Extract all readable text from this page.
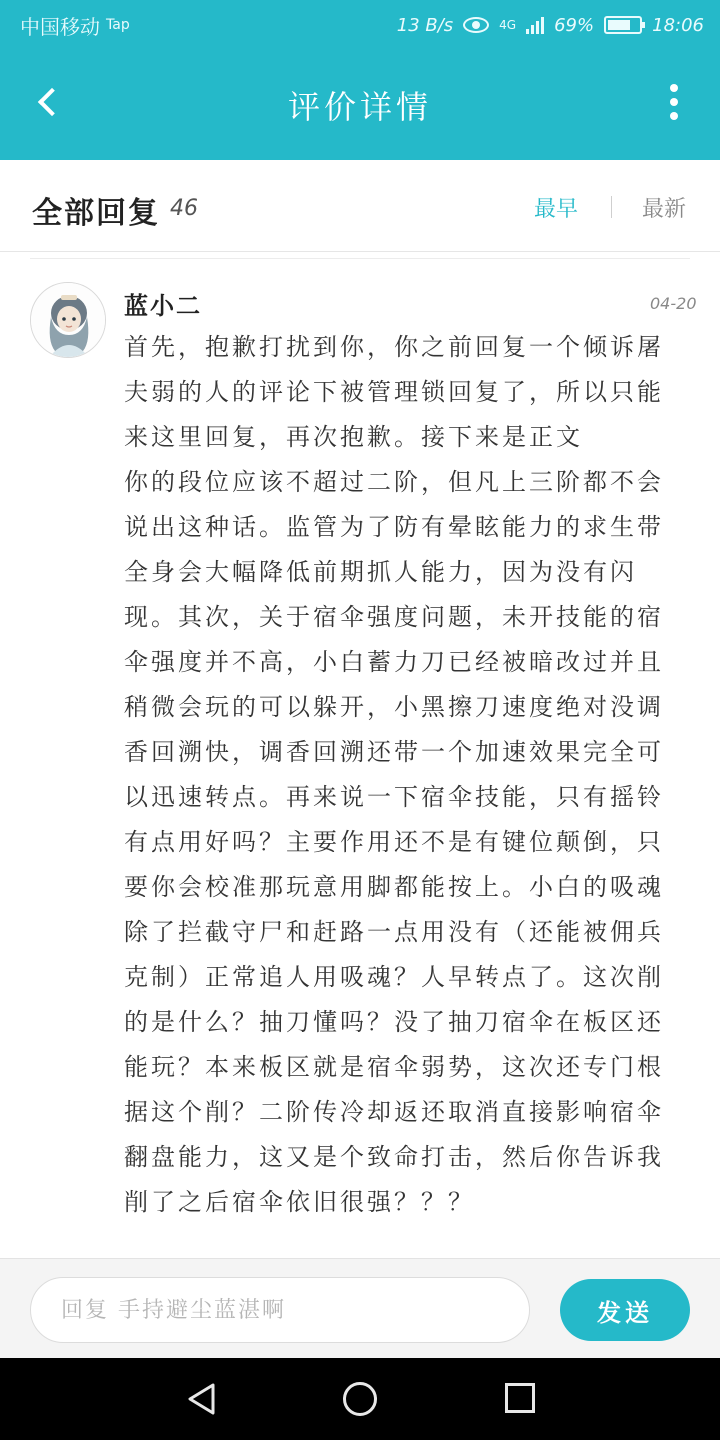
中国移动 Tap	13 B/s	4G 69%	18:06
评价详情
全部回复 46	最早	最新
蓝小二	04-20
首先，抱歉打扰到你，你之前回复一个倾诉屠夫弱的人的评论下被管理锁回复了，所以只能来这里回复，再次抱歉。接下来是正文
你的段位应该不超过二阶，但凡上三阶都不会说出这种话。监管为了防有晕眩能力的求生带全身会大幅降低前期抓人能力，因为没有闪现。其次，关于宿伞强度问题，未开技能的宿伞强度并不高，小白蓄力刀已经被暗改过并且稍微会玩的可以躲开，小黑擦刀速度绝对没调香回溯快，调香回溯还带一个加速效果完全可以迅速转点。再来说一下宿伞技能，只有摇铃有点用好吗？主要作用还不是有键位颠倒，只要你会校准那玩意用脚都能按上。小白的吸魂除了拦截守尸和赶路一点用没有（还能被佣兵克制）正常追人用吸魂？人早转点了。这次削的是什么？抽刀懂吗？没了抽刀宿伞在板区还能玩？本来板区就是宿伞弱势，这次还专门根据这个削？二阶传冷却返还取消直接影响宿伞翻盘能力，这又是个致命打击，然后你告诉我削了之后宿伞依旧很强？？？
回复 手持避尘蓝湛啊
发送
